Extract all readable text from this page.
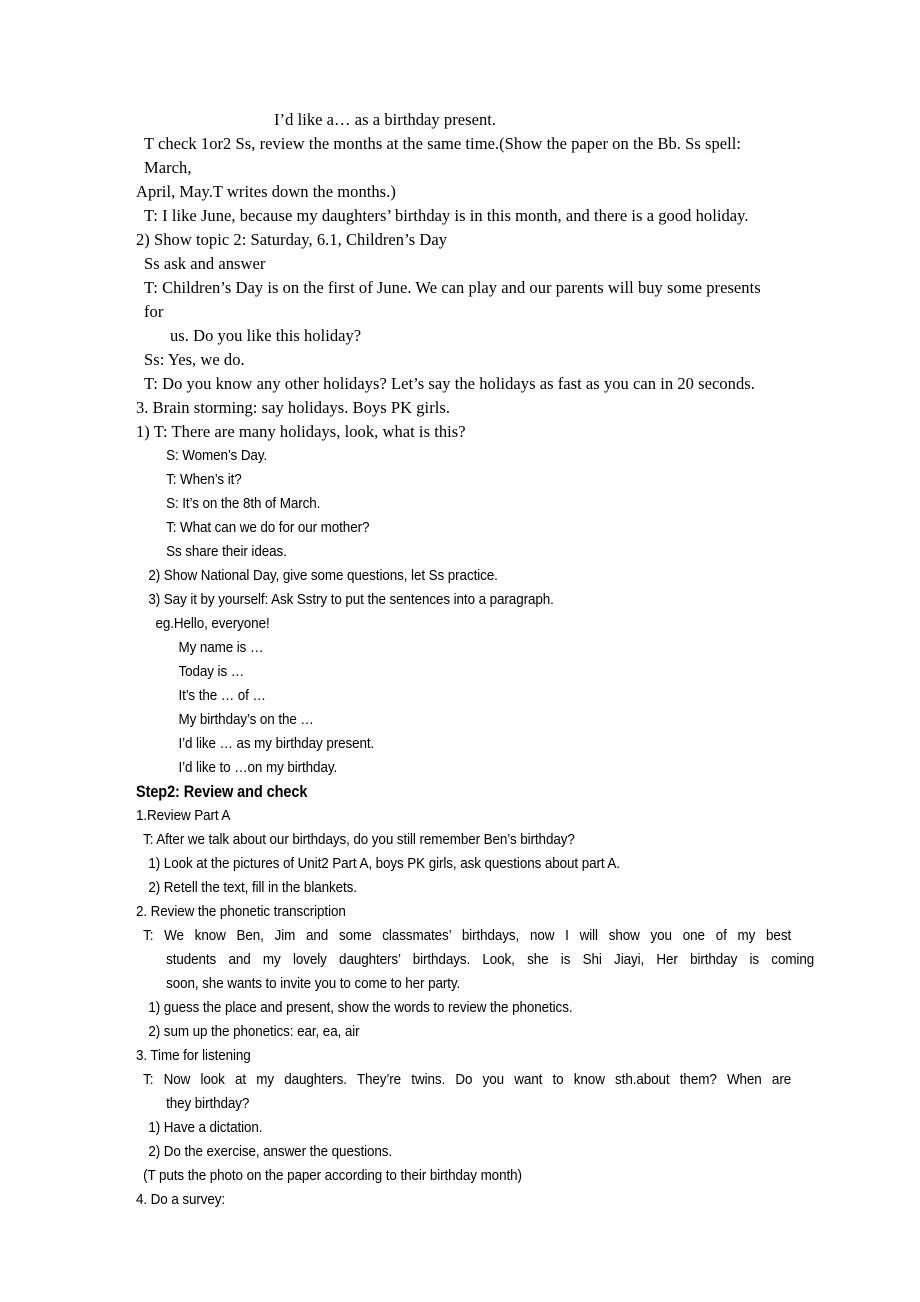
I’d like a… as a birthday present.
T check 1or2 Ss, review the months at the same time.(Show the paper on the Bb. Ss spell: March,
April, May.T writes down the months.)
T: I like June, because my daughters’ birthday is in this month, and there is a good holiday.
2) Show topic 2: Saturday, 6.1, Children’s Day
Ss ask and answer
T: Children’s Day is on the first of June. We can play and our parents will buy some presents for
us. Do you like this holiday?
Ss: Yes, we do.
T: Do you know any other holidays? Let’s say the holidays as fast as you can in 20 seconds.
3. Brain storming: say holidays. Boys PK girls.
1) T: There are many holidays, look, what is this?
S: Women’s Day.
T: When’s it?
S: It’s on the 8th of March.
T: What can we do for our mother?
Ss share their ideas.
2) Show National Day, give some questions, let Ss practice.
3) Say it by yourself: Ask Sstry to put the sentences into a paragraph.
eg.Hello, everyone!
My name is …
Today is …
It’s the … of …
My birthday’s on the …
I’d like … as my birthday present.
I’d like to …on my birthday.
Step2: Review and check
1.Review Part A
T: After we talk about our birthdays, do you still remember Ben’s birthday?
1) Look at the pictures of Unit2 Part A, boys PK girls, ask questions about part A.
2) Retell the text, fill in the blankets.
2. Review the phonetic transcription
T: We know Ben, Jim and some classmates’ birthdays, now I will show you one of my best
students and my lovely daughters’ birthdays. Look, she is Shi Jiayi, Her birthday is coming
soon, she wants to invite you to come to her party.
1) guess the place and present, show the words to review the phonetics.
2) sum up the phonetics: ear, ea, air
3. Time for listening
T: Now look at my daughters. They’re twins. Do you want to know sth.about them? When are
they birthday?
1) Have a dictation.
2) Do the exercise, answer the questions.
(T puts the photo on the paper according to their birthday month)
4. Do a survey:
